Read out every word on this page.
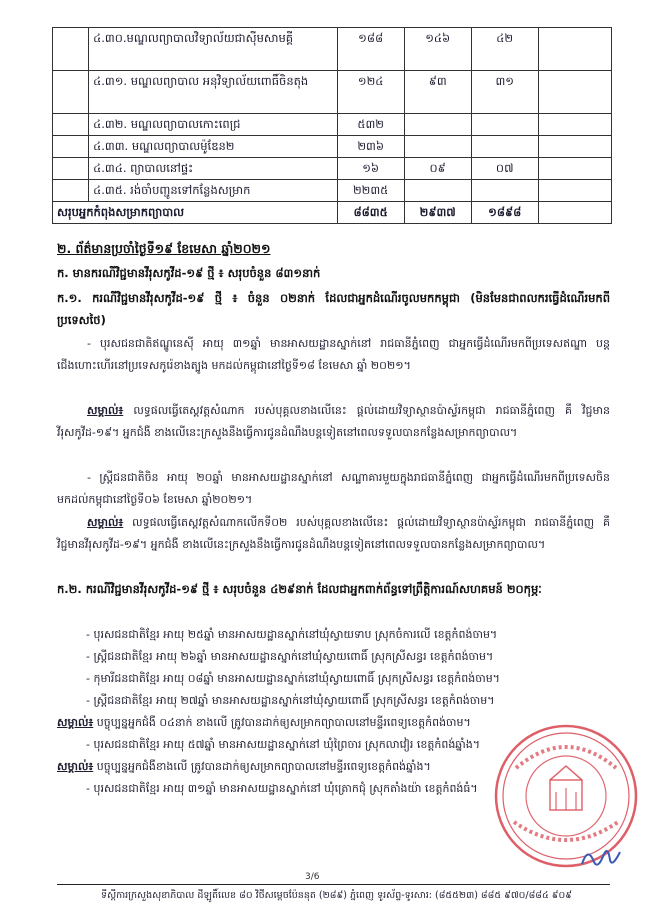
	៤.៣០.មណ្ឌលព្យាបាលវិទ្យាល័យជាស៊ីមសាមគ្គី	១៨៨	១៤៦	៤២	
	៤.៣១. មណ្ឌលព្យាបាល អនុវិទ្យាល័យពោធិ៍ចិនតុង	១២៤	៩៣	៣១	
	៤.៣២. មណ្ឌលព្យាបាលកោះពេជ្រ	៥៣២			
	៤.៣៣. មណ្ឌលព្យាបាលម៉ូឌែន២	២៣៦			
	៤.៣៤. ព្យាបាលនៅផ្ទះ	១៦	០៩	០៧	
	៤.៣៥. រង់ចាំបញ្ជូនទៅកន្លែងសម្រាក	២២៣៥			
សរុបអ្នកកំពុងសម្រាកព្យាបាល		៨៨៣៥	២៩៣៧	១៨៩៨	
២. ព័ត៌មានប្រចាំថ្ងៃទី១៩ ខែមេសា ឆ្នាំ២០២១
ក. មានករណីវិជ្ជមានវីរុសកូវីដ-១៩ ថ្មី ៖ សរុបចំនួន ៨៣១នាក់
ក.១. ករណីវិជ្ជមានវីរុសកូវីដ-១៩ ថ្មី ៖ ចំនួន ០២នាក់ ដែលជាអ្នកដំណើរចូលមកកម្ពុជា (មិនមែនជាពលករធ្វើដំណើរមកពីប្រទេសថៃ)
- បុរសជនជាតិឥណ្ឌូនេស៊ី អាយុ ៣១ឆ្នាំ មានអាសយដ្ឋានស្នាក់នៅ រាជធានីភ្នំពេញ ជាអ្នកធ្វើដំណើរមកពីប្រទេសឥណ្ឌា បន្តជើងហោះហើរនៅប្រទេសកូរ៉េខាងត្បូង មកដល់កម្ពុជានៅថ្ងៃទី១៨ ខែមេសា ឆ្នាំ ២០២១។
សម្គាល់៖ លទ្ធផលធ្វើតេស្តវត្តសំណាក របស់បុគ្គលខាងលើនេះ ផ្តល់ដោយវិទ្យាស្ថានប៉ាស្ទ័រកម្ពុជា រាជធានីភ្នំពេញ គឺ វិជ្ជមានវីរុសកូវីដ-១៩។ អ្នកជំងឺ ខាងលើនេះក្រសួងនឹងធ្វើការជូនដំណឹងបន្តទៀតនៅពេលទទួលបានកន្លែងសម្រាកព្យាបាល។
- ស្ត្រីជនជាតិចិន អាយុ ២០ឆ្នាំ មានអាសយដ្ឋានស្នាក់នៅ សណ្ឋាគារមួយក្នុងរាជធានីភ្នំពេញ ជាអ្នកធ្វើដំណើរមកពីប្រទេសចិន មកដល់កម្ពុជានៅថ្ងៃទី០៦ ខែមេសា ឆ្នាំ២០២១។
សម្គាល់៖ លទ្ធផលធ្វើតេស្តវត្តសំណាកលើកទី០២ របស់បុគ្គលខាងលើនេះ ផ្តល់ដោយវិទ្យាស្ថានប៉ាស្ទ័រកម្ពុជា រាជធានីភ្នំពេញ គឺ វិជ្ជមានវីរុសកូវីដ-១៩។ អ្នកជំងឺ ខាងលើនេះក្រសួងនឹងធ្វើការជូនដំណឹងបន្តទៀតនៅពេលទទួលបានកន្លែងសម្រាកព្យាបាល។
ក.២. ករណីវិជ្ជមានវីរុសកូវីដ-១៩ ថ្មី ៖ សរុបចំនួន ៤២៩នាក់ ដែលជាអ្នកពាក់ព័ន្ធទៅព្រឹត្តិការណ៍សហគមន៍ ២០កុម្ភៈ
- បុរសជនជាតិខ្មែរ អាយុ ២៥ឆ្នាំ មានអាសយដ្ឋានស្នាក់នៅឃុំស្វាយទាប ស្រុកចំការលើ ខេត្តកំពង់ចាម។
- ស្ត្រីជនជាតិខ្មែរ អាយុ ២៦ឆ្នាំ មានអាសយដ្ឋានស្នាក់នៅឃុំស្វាយពោធិ៍ ស្រុកស្រីសន្ធរ ខេត្តកំពង់ចាម។
- កុមារីជនជាតិខ្មែរ អាយុ ០៨ឆ្នាំ មានអាសយដ្ឋានស្នាក់នៅឃុំស្វាយពោធិ៍ ស្រុកស្រីសន្ធរ ខេត្តកំពង់ចាម។
- ស្ត្រីជនជាតិខ្មែរ អាយុ ២៧ឆ្នាំ មានអាសយដ្ឋានស្នាក់នៅឃុំស្វាយពោធិ៍ ស្រុកស្រីសន្ធរ ខេត្តកំពង់ចាម។
សម្គាល់៖ បច្ចុប្បន្នអ្នកជំងឺ ០៤នាក់ ខាងលើ ត្រូវបានដាក់ឲ្យសម្រាកព្យាបាលនៅមន្ទីរពេទ្យខេត្តកំពង់ចាម។
- បុរសជនជាតិខ្មែរ អាយុ ៥៧ឆ្នាំ មានអាសយដ្ឋានស្នាក់នៅ ឃុំព្រៃចារ ស្រុកលាវៀរ ខេត្តកំពង់ឆ្នាំង។
សម្គាល់៖ បច្ចុប្បន្នអ្នកជំងឺខាងលើ ត្រូវបានដាក់ឲ្យសម្រាកព្យាបាលនៅមន្ទីរពេទ្យខេត្តកំពង់ឆ្នាំង។
- បុរសជនជាតិខ្មែរ អាយុ ៣១ឆ្នាំ មានអាសយដ្ឋានស្នាក់នៅ ឃុំត្រោកជុំ ស្រុកតាំងយ៉ា ខេត្តកំពង់ធំ។
3/6
ទីស្តីការក្រសួងសុខាភិបាល ដីឡូតិ៍លេខ ៨០ វិថីសម្ដេចប៉ែននុត (២៨៩) ភ្នំពេញ ទូរស័ព្ទ-ទូរសារ: (៨៥៥២៣) ៨៨៥ ៩៧០/៨៨៤ ៩០៩
